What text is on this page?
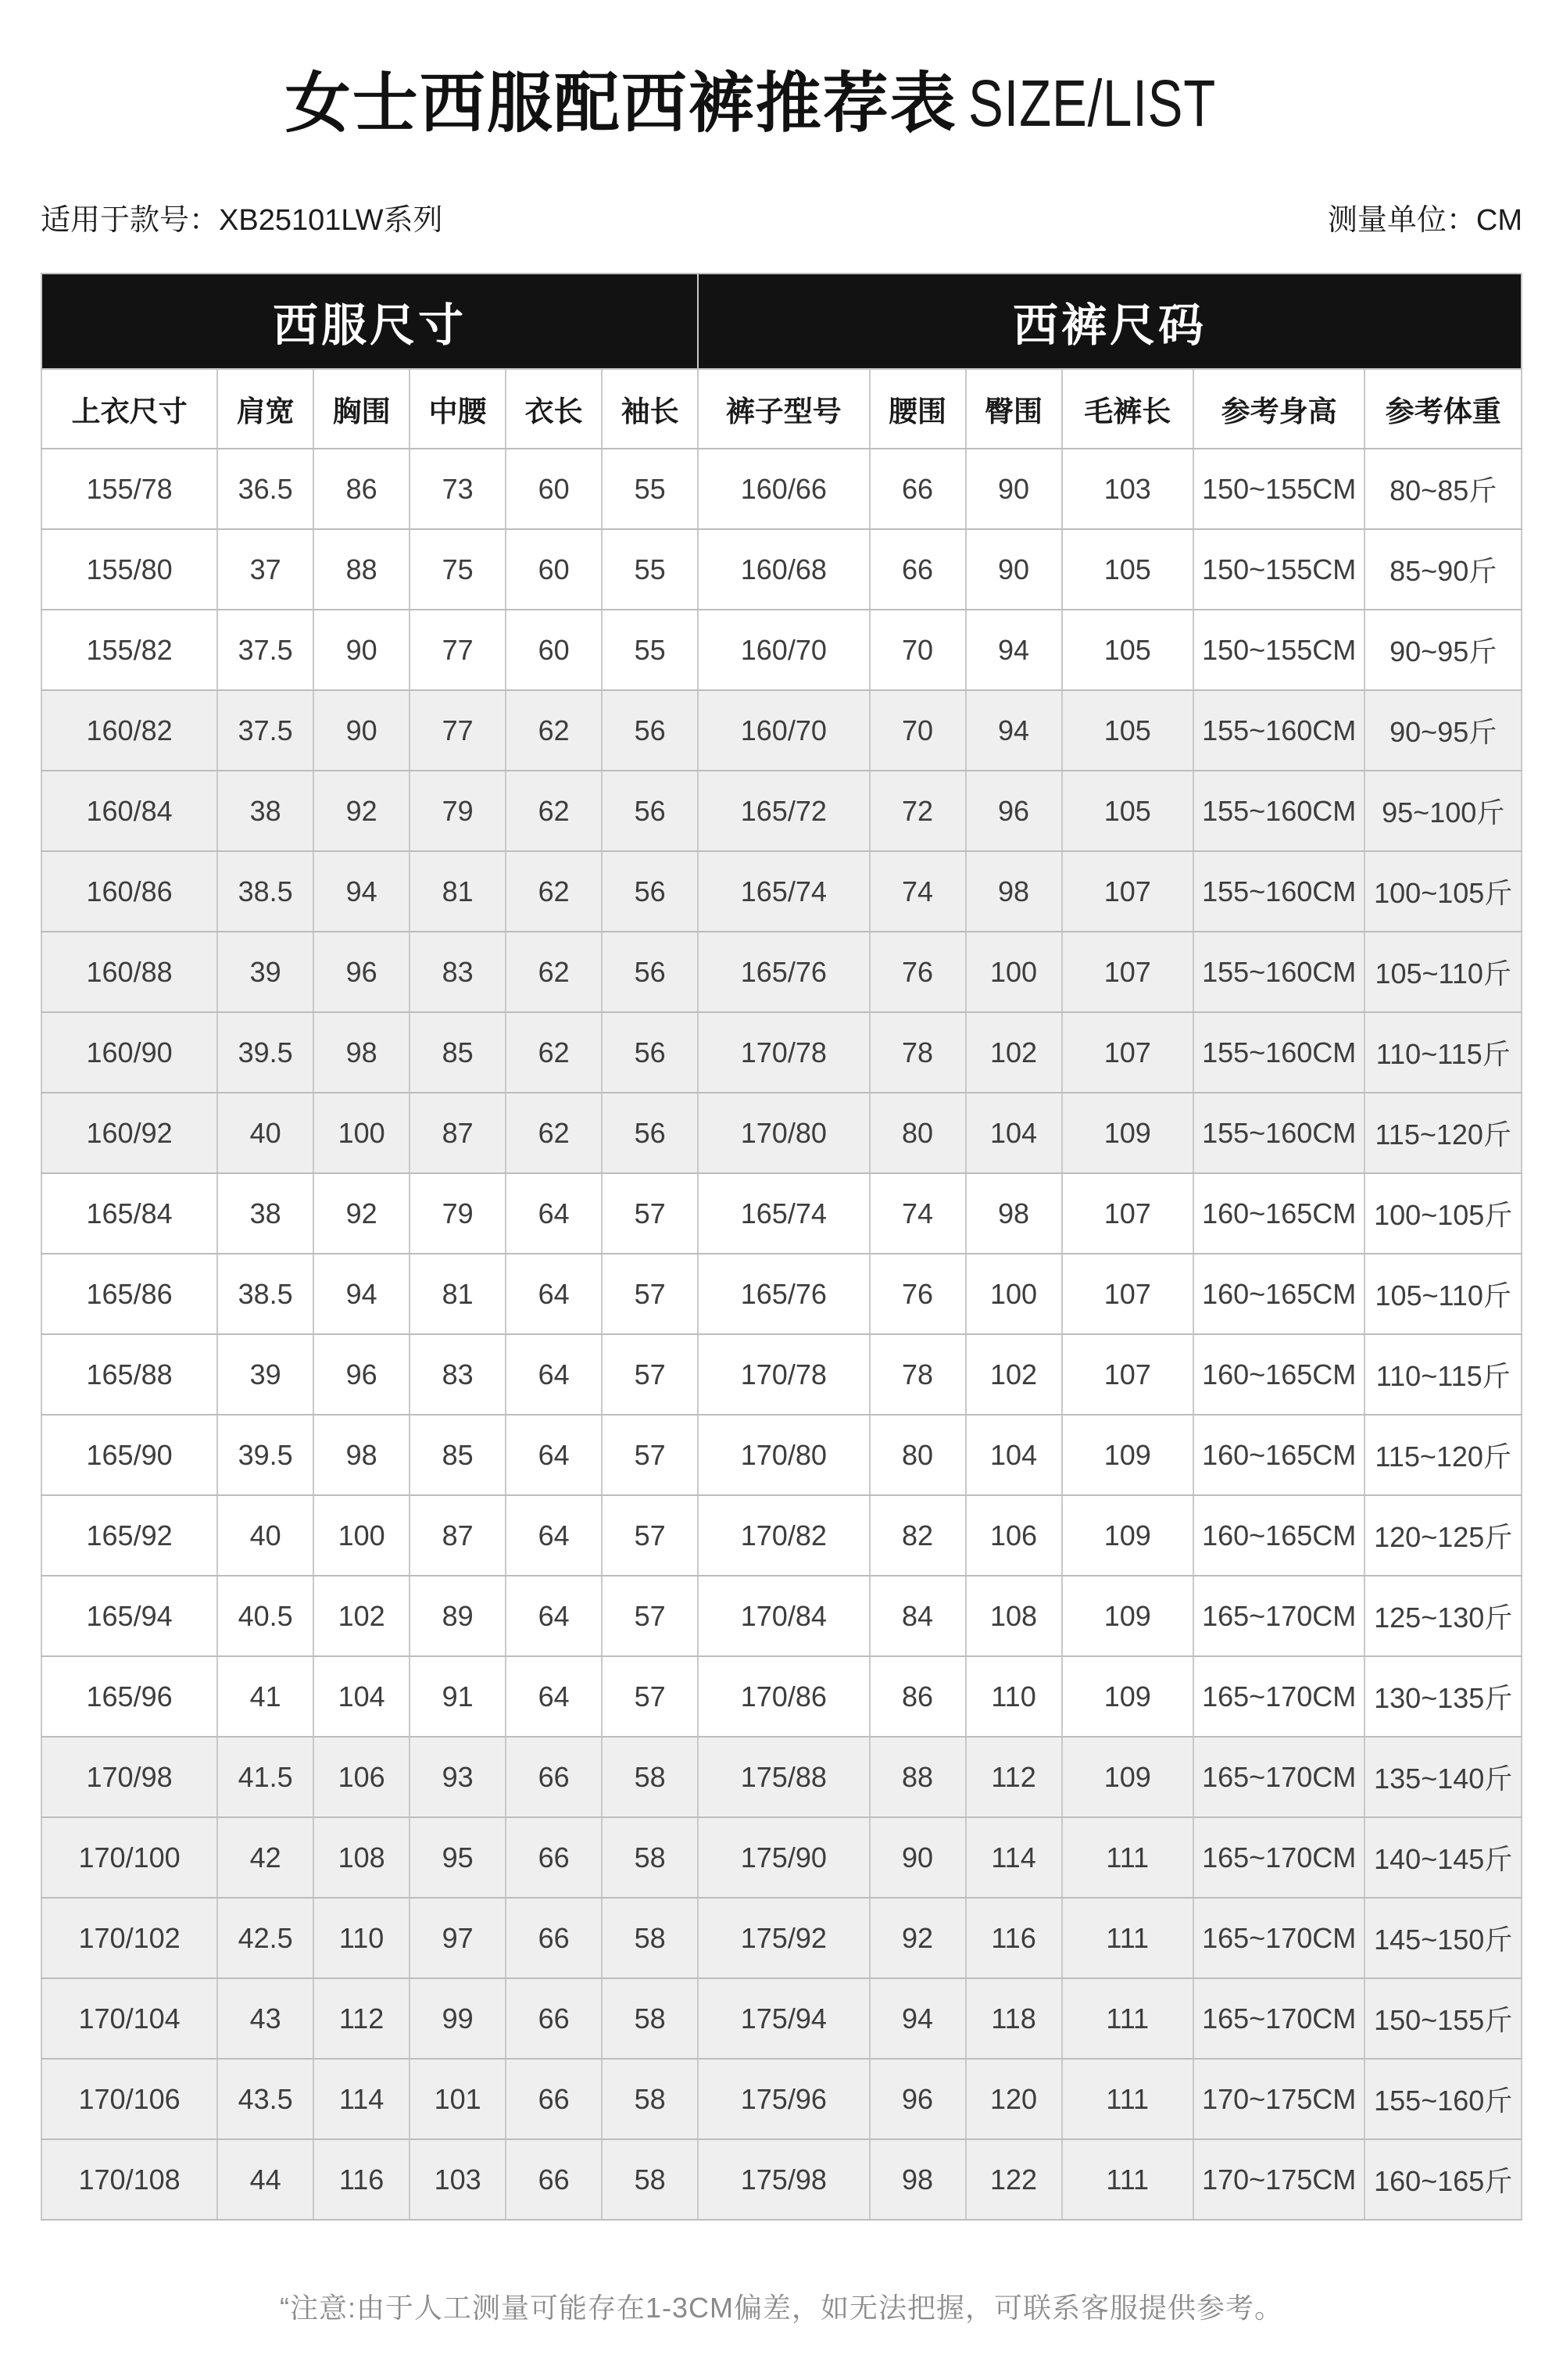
女士西服配西裤推荐表 SIZE/LIST
适用于款号：XB25101LW系列	测量单位：CM
西服尺寸						西裤尺码					
上衣尺寸	肩宽	胸围	中腰	衣长	袖长	裤子型号	腰围	臀围	毛裤长	参考身高	参考体重
155/78	36.5	86	73	60	55	160/66	66	90	103	150~155CM	80~85斤
155/80	37	88	75	60	55	160/68	66	90	105	150~155CM	85~90斤
155/82	37.5	90	77	60	55	160/70	70	94	105	150~155CM	90~95斤
160/82	37.5	90	77	62	56	160/70	70	94	105	155~160CM	90~95斤
160/84	38	92	79	62	56	165/72	72	96	105	155~160CM	95~100斤
160/86	38.5	94	81	62	56	165/74	74	98	107	155~160CM	100~105斤
160/88	39	96	83	62	56	165/76	76	100	107	155~160CM	105~110斤
160/90	39.5	98	85	62	56	170/78	78	102	107	155~160CM	110~115斤
160/92	40	100	87	62	56	170/80	80	104	109	155~160CM	115~120斤
165/84	38	92	79	64	57	165/74	74	98	107	160~165CM	100~105斤
165/86	38.5	94	81	64	57	165/76	76	100	107	160~165CM	105~110斤
165/88	39	96	83	64	57	170/78	78	102	107	160~165CM	110~115斤
165/90	39.5	98	85	64	57	170/80	80	104	109	160~165CM	115~120斤
165/92	40	100	87	64	57	170/82	82	106	109	160~165CM	120~125斤
165/94	40.5	102	89	64	57	170/84	84	108	109	165~170CM	125~130斤
165/96	41	104	91	64	57	170/86	86	110	109	165~170CM	130~135斤
170/98	41.5	106	93	66	58	175/88	88	112	109	165~170CM	135~140斤
170/100	42	108	95	66	58	175/90	90	114	111	165~170CM	140~145斤
170/102	42.5	110	97	66	58	175/92	92	116	111	165~170CM	145~150斤
170/104	43	112	99	66	58	175/94	94	118	111	165~170CM	150~155斤
170/106	43.5	114	101	66	58	175/96	96	120	111	170~175CM	155~160斤
170/108	44	116	103	66	58	175/98	98	122	111	170~175CM	160~165斤
“注意:由于人工测量可能存在1-3CM偏差，如无法把握，可联系客服提供参考。
